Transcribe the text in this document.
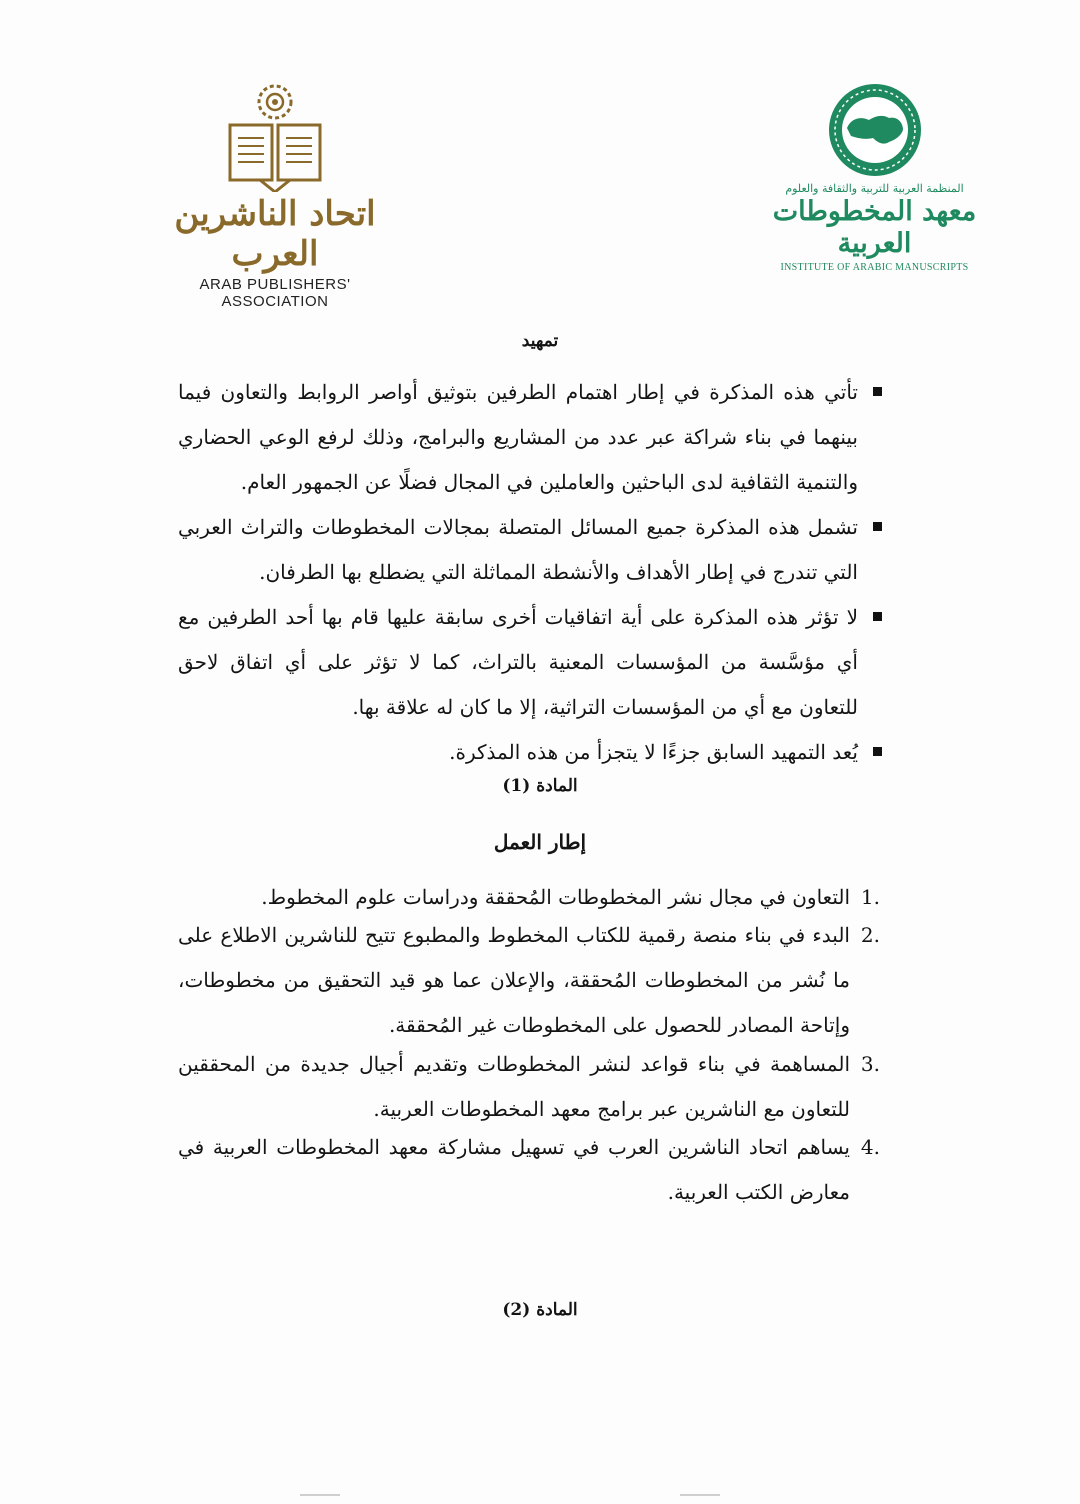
اتحاد الناشرين العرب
ARAB PUBLISHERS' ASSOCIATION
المنظمة العربية للتربية والثقافة والعلوم
معهد المخطوطات العربية
INSTITUTE OF ARABIC MANUSCRIPTS
تمهيد
تأتي هذه المذكرة في إطار اهتمام الطرفين بتوثيق أواصر الروابط والتعاون فيما بينهما في بناء شراكة عبر عدد من المشاريع والبرامج، وذلك لرفع الوعي الحضاري والتنمية الثقافية لدى الباحثين والعاملين في المجال فضلًا عن الجمهور العام.
تشمل هذه المذكرة جميع المسائل المتصلة بمجالات المخطوطات والتراث العربي التي تندرج في إطار الأهداف والأنشطة المماثلة التي يضطلع بها الطرفان.
لا تؤثر هذه المذكرة على أية اتفاقيات أخرى سابقة عليها قام بها أحد الطرفين مع أي مؤسَّسة من المؤسسات المعنية بالتراث، كما لا تؤثر على أي اتفاق لاحق للتعاون مع أي من المؤسسات التراثية، إلا ما كان له علاقة بها.
يُعد التمهيد السابق جزءًا لا يتجزأ من هذه المذكرة.
المادة (1)
إطار العمل
1.
التعاون في مجال نشر المخطوطات المُحققة ودراسات علوم المخطوط.
2.
البدء في بناء منصة رقمية للكتاب المخطوط والمطبوع تتيح للناشرين الاطلاع على ما نُشر من المخطوطات المُحققة، والإعلان عما هو قيد التحقيق من مخطوطات، وإتاحة المصادر للحصول على المخطوطات غير المُحققة.
3.
المساهمة في بناء قواعد لنشر المخطوطات وتقديم أجيال جديدة من المحققين للتعاون مع الناشرين عبر برامج معهد المخطوطات العربية.
4.
يساهم اتحاد الناشرين العرب في تسهيل مشاركة معهد المخطوطات العربية في معارض الكتب العربية.
المادة (2)
